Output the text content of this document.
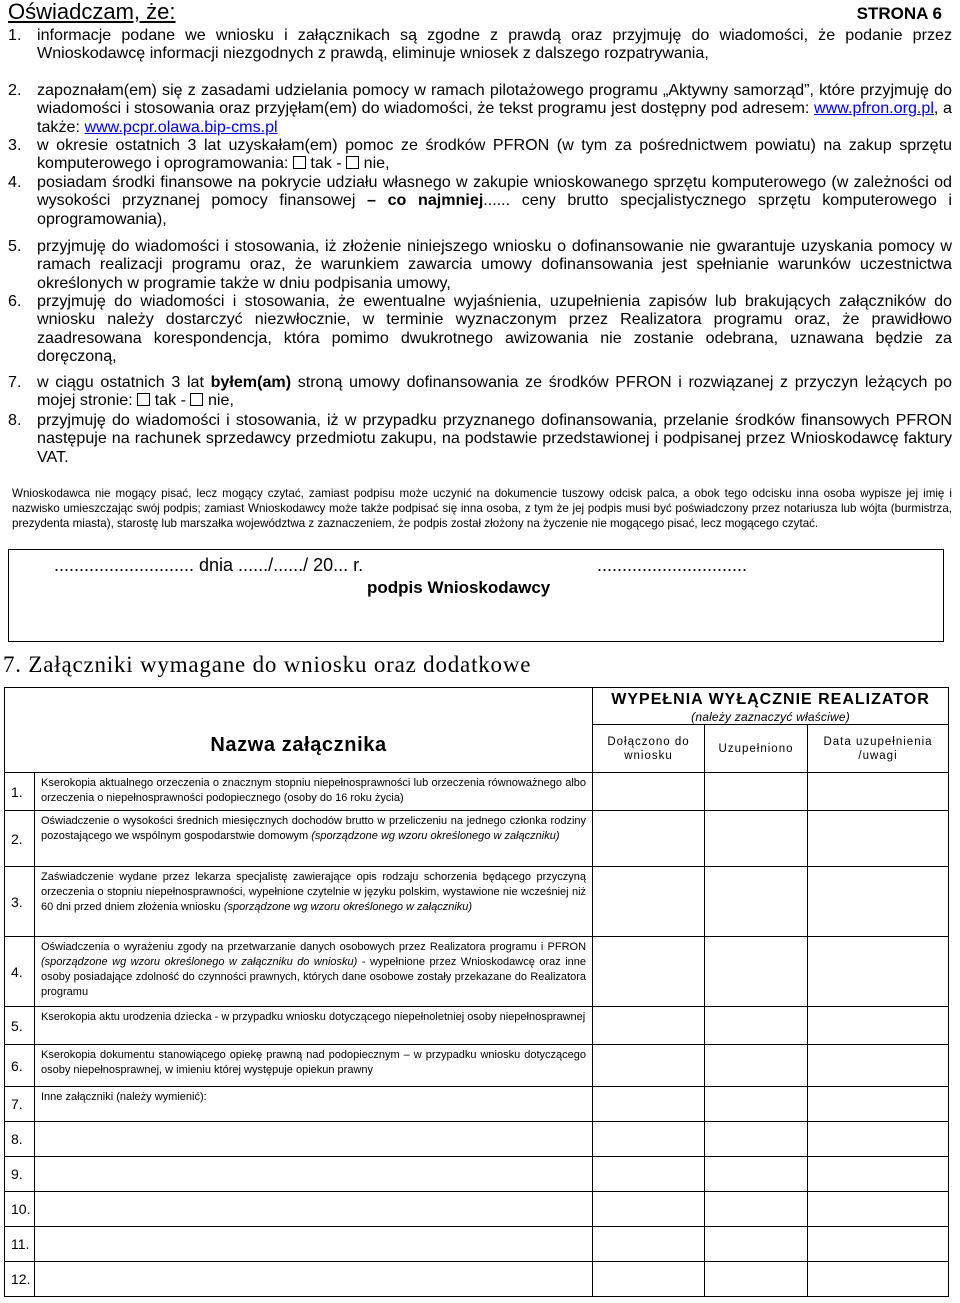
Oświadczam, że:	STRONA 6
1. informacje podane we wniosku i załącznikach są zgodne z prawdą oraz przyjmuję do wiadomości, że podanie przez Wnioskodawcę informacji niezgodnych z prawdą, eliminuje wniosek z dalszego rozpatrywania,
2. zapoznałam(em) się z zasadami udzielania pomocy w ramach pilotażowego programu „Aktywny samorząd”, które przyjmuję do wiadomości i stosowania oraz przyjęłam(em) do wiadomości, że tekst programu jest dostępny pod adresem: www.pfron.org.pl, a także: www.pcpr.olawa.bip-cms.pl
3. w okresie ostatnich 3 lat uzyskałam(em) pomoc ze środków PFRON (w tym za pośrednictwem powiatu) na zakup sprzętu komputerowego i oprogramowania: tak - nie,
4. posiadam środki finansowe na pokrycie udziału własnego w zakupie wnioskowanego sprzętu komputerowego (w zależności od wysokości przyznanej pomocy finansowej – co najmniej...... ceny brutto specjalistycznego sprzętu komputerowego i oprogramowania),
5. przyjmuję do wiadomości i stosowania, iż złożenie niniejszego wniosku o dofinansowanie nie gwarantuje uzyskania pomocy w ramach realizacji programu oraz, że warunkiem zawarcia umowy dofinansowania jest spełnianie warunków uczestnictwa określonych w programie także w dniu podpisania umowy,
6. przyjmuję do wiadomości i stosowania, że ewentualne wyjaśnienia, uzupełnienia zapisów lub brakujących załączników do wniosku należy dostarczyć niezwłocznie, w terminie wyznaczonym przez Realizatora programu oraz, że prawidłowo zaadresowana korespondencja, która pomimo dwukrotnego awizowania nie zostanie odebrana, uznawana będzie za doręczoną,
7. w ciągu ostatnich 3 lat byłem(am) stroną umowy dofinansowania ze środków PFRON i rozwiązanej z przyczyn leżących po mojej stronie: tak - nie,
8. przyjmuję do wiadomości i stosowania, iż w przypadku przyznanego dofinansowania, przelanie środków finansowych PFRON następuje na rachunek sprzedawcy przedmiotu zakupu, na podstawie przedstawionej i podpisanej przez Wnioskodawcę faktury VAT.
Wnioskodawca nie mogący pisać, lecz mogący czytać, zamiast podpisu może uczynić na dokumencie tuszowy odcisk palca, a obok tego odcisku inna osoba wypisze jej imię i nazwisko umieszczając swój podpis; zamiast Wnioskodawcy może także podpisać się inna osoba, z tym że jej podpis musi być poświadczony przez notariusza lub wójta (burmistrza, prezydenta miasta), starostę lub marszałka województwa z zaznaczeniem, że podpis został złożony na życzenie nie mogącego pisać, lecz mogącego czytać.
............................ dnia ....../....../ 20... r.	..............................
podpis Wnioskodawcy
7. Załączniki wymagane do wniosku oraz dodatkowe
Nazwa załącznika		WYPEŁNIA WYŁĄCZNIE REALIZATOR
(należy zaznaczyć właściwe)		

		Dołączono do wniosku	Uzupełniono	Data uzupełnienia /uwagi
1.	Kserokopia aktualnego orzeczenia o znacznym stopniu niepełnosprawności lub orzeczenia równoważnego albo orzeczenia o niepełnosprawności podopiecznego (osoby do 16 roku życia)			
2.	Oświadczenie o wysokości średnich miesięcznych dochodów brutto w przeliczeniu na jednego członka rodziny pozostającego we wspólnym gospodarstwie domowym (sporządzone wg wzoru określonego w załączniku)			
3.	Zaświadczenie wydane przez lekarza specjalistę zawierające opis rodzaju schorzenia będącego przyczyną orzeczenia o stopniu niepełnosprawności, wypełnione czytelnie w języku polskim, wystawione nie wcześniej niż 60 dni przed dniem złożenia wniosku (sporządzone wg wzoru określonego w załączniku)			
4.	Oświadczenia o wyrażeniu zgody na przetwarzanie danych osobowych przez Realizatora programu i PFRON (sporządzone wg wzoru określonego w załączniku do wniosku) - wypełnione przez Wnioskodawcę oraz inne osoby posiadające zdolność do czynności prawnych, których dane osobowe zostały przekazane do Realizatora programu			
5.	Kserokopia aktu urodzenia dziecka - w przypadku wniosku dotyczącego niepełnoletniej osoby niepełnosprawnej			
6.	Kserokopia dokumentu stanowiącego opiekę prawną nad podopiecznym – w przypadku wniosku dotyczącego osoby niepełnosprawnej, w imieniu której występuje opiekun prawny			
7.	Inne załączniki (należy wymienić):			
8.				
9.				
10.				
11.				
12.				
